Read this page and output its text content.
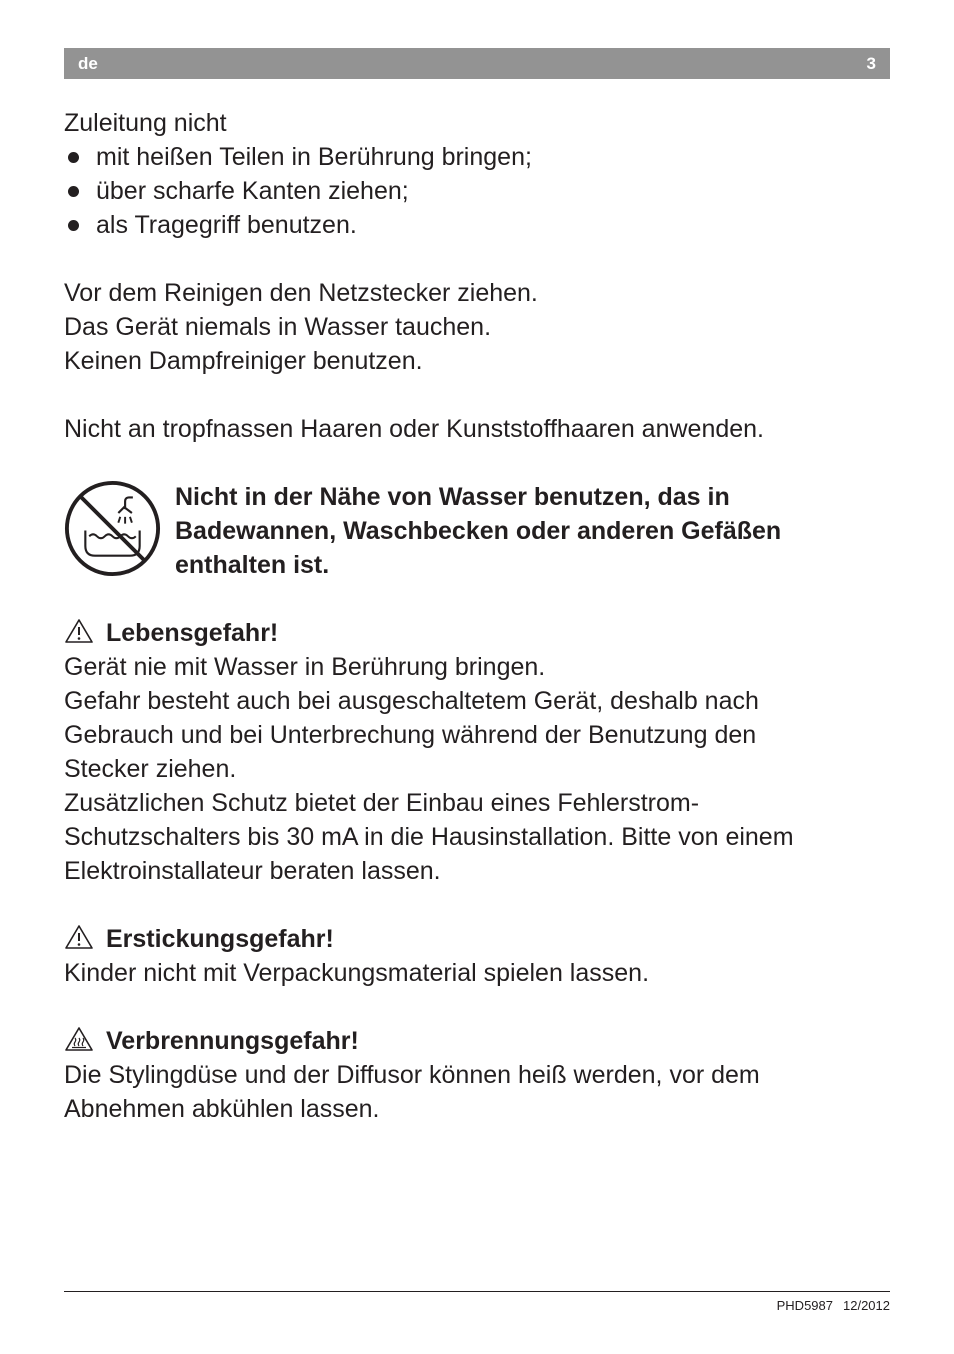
de	3

Zuleitung nicht

mit heißen Teilen in Berührung bringen;
über scharfe Kanten ziehen;
als Tragegriff benutzen.

Vor dem Reinigen den Netzstecker ziehen.

Das Gerät niemals in Wasser tauchen.

Keinen Dampfreiniger benutzen.

Nicht an tropfnassen Haaren oder Kunststoffhaaren anwenden.

Nicht in der Nähe von Wasser benutzen, das in

Badewannen, Waschbecken oder anderen Gefäßen

enthalten ist.

Lebensgefahr!

Gerät nie mit Wasser in Berührung bringen.

Gefahr besteht auch bei ausgeschaltetem Gerät, deshalb nach

Gebrauch und bei Unterbrechung während der Benutzung den

Stecker ziehen.

Zusätzlichen Schutz bietet der Einbau eines Fehlerstrom-

Schutzschalters bis 30 mA in die Hausinstallation. Bitte von einem

Elektroinstallateur beraten lassen.

Erstickungsgefahr!

Kinder nicht mit Verpackungsmaterial spielen lassen.

Verbrennungsgefahr!

Die Stylingdüse und der Diffusor können heiß werden, vor dem

Abnehmen abkühlen lassen.

PHD5987 12/2012
